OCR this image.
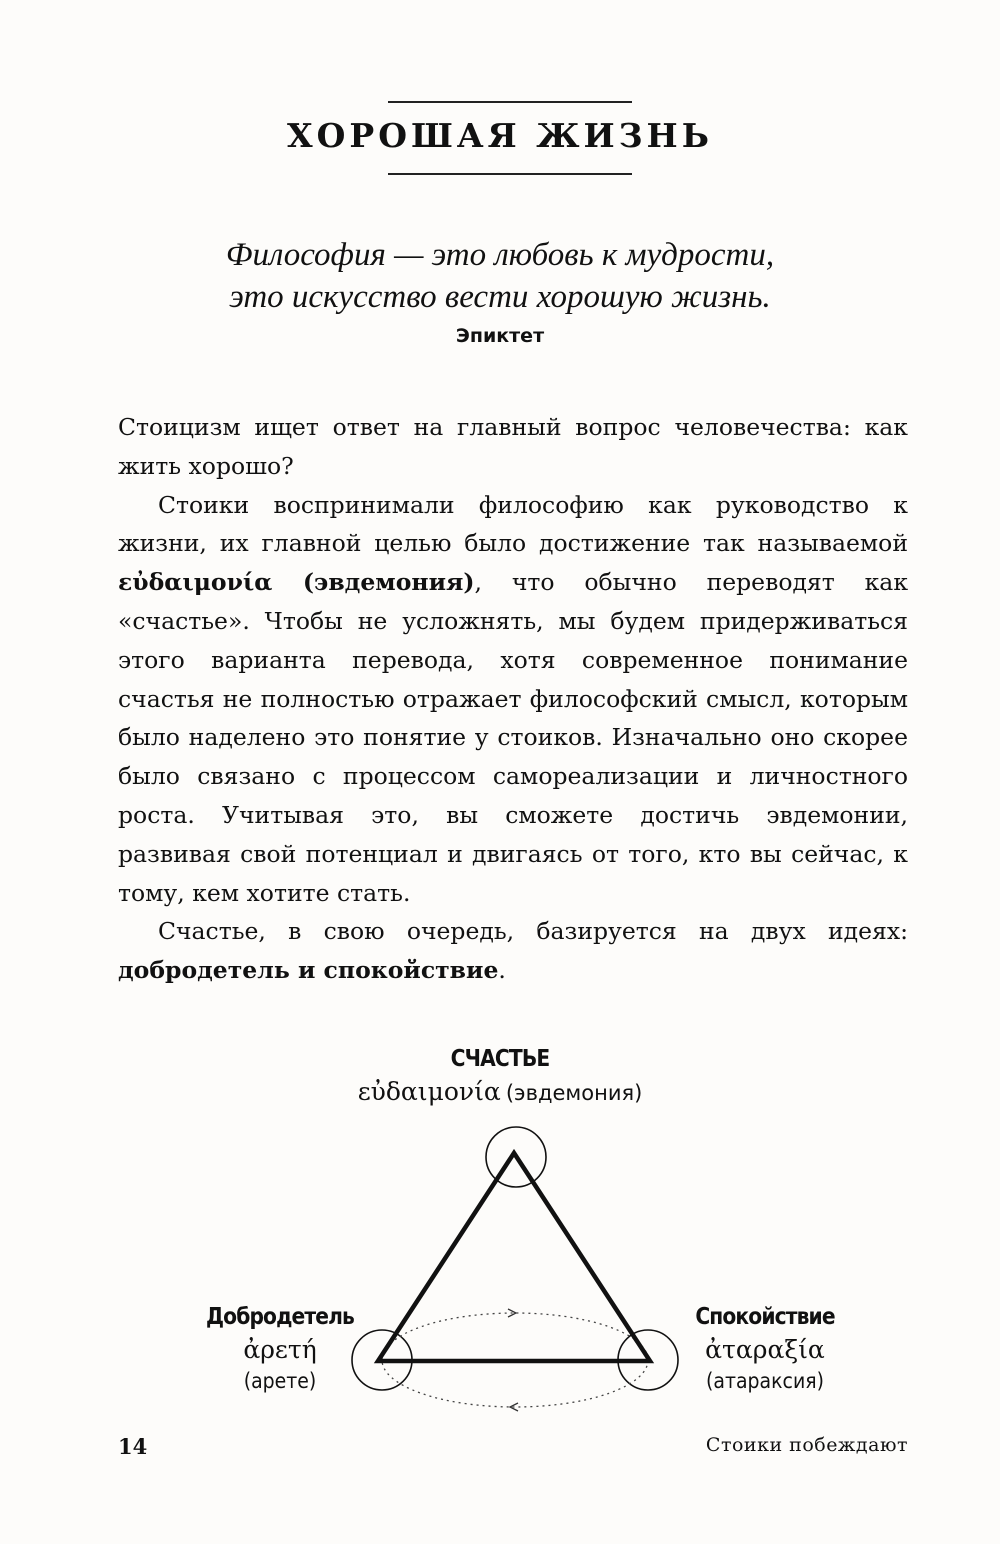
ХОРОШАЯ ЖИЗНЬ
Философия — это любовь к мудрости,
это искусство вести хорошую жизнь.
Эпиктет

Стоицизм ищет ответ на главный вопрос человечества: как жить хорошо?

Стоики воспринимали философию как руководство к жизни, их главной целью было достижение так называемой εὐδαιμονία (эвдемония), что обычно переводят как «счастье». Чтобы не усложнять, мы будем придерживаться этого варианта перевода, хотя современное понимание счастья не полностью отражает философский смысл, которым было наделено это понятие у стоиков. Изначально оно скорее было связано с процессом самореализации и личностного роста. Учитывая это, вы сможете достичь эвдемонии, развивая свой потенциал и двигаясь от того, кто вы сейчас, к тому, кем хотите стать.

Счастье, в свою очередь, базируется на двух идеях: добродетель и спокойствие.

СЧАСТЬЕ
εὐδαιμονία (эвдемония)
Добродетель
ἀρετή
(арете)
Спокойствие
ἀταραξία
(атараксия)
14	Стоики побеждают
